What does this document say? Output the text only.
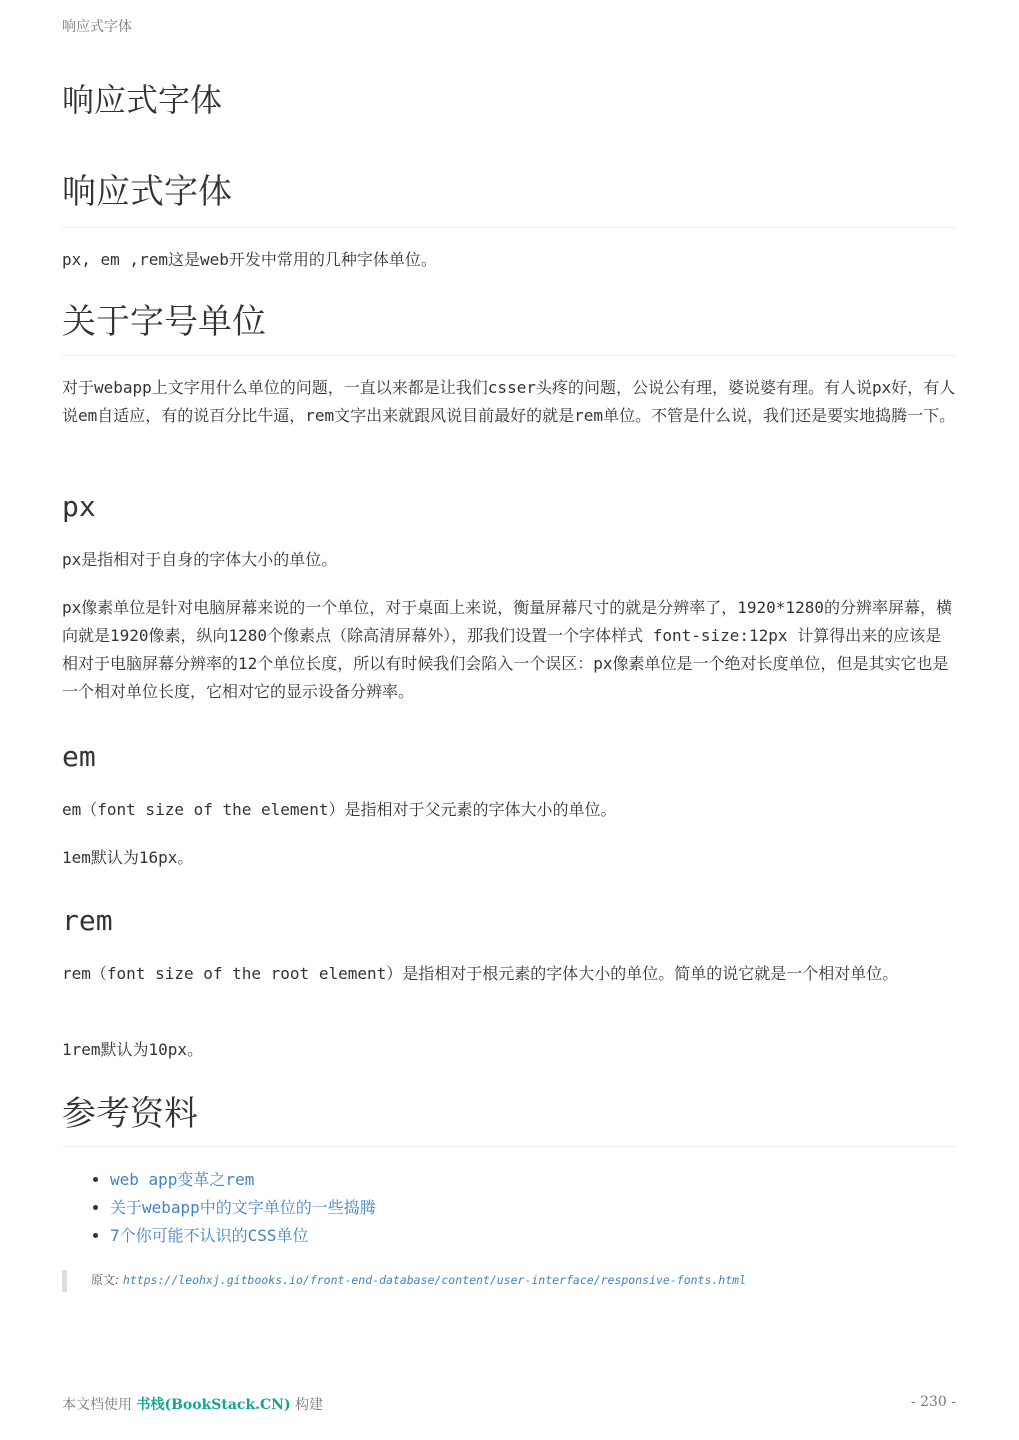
响应式字体
响应式字体
响应式字体

px, em ,rem这是web开发中常用的几种字体单位。

关于字号单位

对于webapp上文字用什么单位的问题，一直以来都是让我们csser头疼的问题，公说公有理，婆说婆有理。有人说px好，有人说em自适应，有的说百分比牛逼，rem文字出来就跟风说目前最好的就是rem单位。不管是什么说，我们还是要实地捣腾一下。

px

px是指相对于自身的字体大小的单位。

px像素单位是针对电脑屏幕来说的一个单位，对于桌面上来说，衡量屏幕尺寸的就是分辨率了，1920*1280的分辨率屏幕，横向就是1920像素，纵向1280个像素点（除高清屏幕外），那我们设置一个字体样式 font-size:12px 计算得出来的应该是相对于电脑屏幕分辨率的12个单位长度，所以有时候我们会陷入一个误区：px像素单位是一个绝对长度单位，但是其实它也是一个相对单位长度，它相对它的显示设备分辨率。

em

em（font size of the element）是指相对于父元素的字体大小的单位。

1em默认为16px。

rem

rem（font size of the root element）是指相对于根元素的字体大小的单位。简单的说它就是一个相对单位。

1rem默认为10px。

参考资料
• web app变革之rem
• 关于webapp中的文字单位的一些捣腾
• 7个你可能不认识的CSS单位
原文: https://leohxj.gitbooks.io/front-end-database/content/user-interface/responsive-fonts.html
本文档使用 书栈(BookStack.CN) 构建	- 230 -
